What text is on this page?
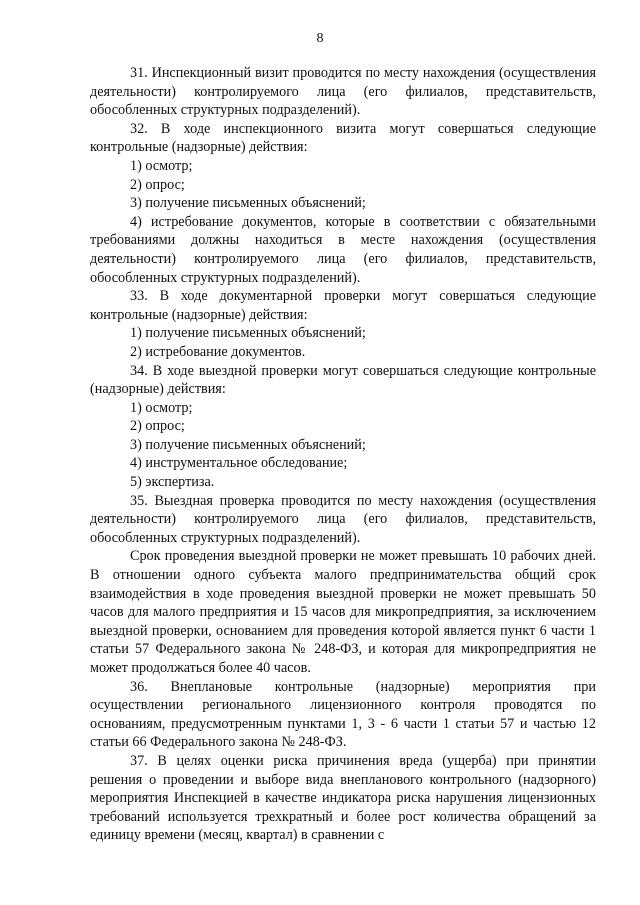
8

31. Инспекционный визит проводится по месту нахождения (осуществления деятельности) контролируемого лица (его филиалов, представительств, обособленных структурных подразделений).

32. В ходе инспекционного визита могут совершаться следующие контрольные (надзорные) действия:

1) осмотр;

2) опрос;

3) получение письменных объяснений;

4) истребование документов, которые в соответствии с обязательными требованиями должны находиться в месте нахождения (осуществления деятельности) контролируемого лица (его филиалов, представительств, обособленных структурных подразделений).

33. В ходе документарной проверки могут совершаться следующие контрольные (надзорные) действия:

1) получение письменных объяснений;

2) истребование документов.

34. В ходе выездной проверки могут совершаться следующие контрольные (надзорные) действия:

1) осмотр;

2) опрос;

3) получение письменных объяснений;

4) инструментальное обследование;

5) экспертиза.

35. Выездная проверка проводится по месту нахождения (осуществления деятельности) контролируемого лица (его филиалов, представительств, обособленных структурных подразделений).

Срок проведения выездной проверки не может превышать 10 рабочих дней. В отношении одного субъекта малого предпринимательства общий срок взаимодействия в ходе проведения выездной проверки не может превышать 50 часов для малого предприятия и 15 часов для микропредприятия, за исключением выездной проверки, основанием для проведения которой является пункт 6 части 1 статьи 57 Федерального закона № 248-ФЗ, и которая для микропредприятия не может продолжаться более 40 часов.

36. Внеплановые контрольные (надзорные) мероприятия при осуществлении регионального лицензионного контроля проводятся по основаниям, предусмотренным пунктами 1, 3 - 6 части 1 статьи 57 и частью 12 статьи 66 Федерального закона № 248-ФЗ.

37. В целях оценки риска причинения вреда (ущерба) при принятии решения о проведении и выборе вида внепланового контрольного (надзорного) мероприятия Инспекцией в качестве индикатора риска нарушения лицензионных требований используется трехкратный и более рост количества обращений за единицу времени (месяц, квартал) в сравнении с
